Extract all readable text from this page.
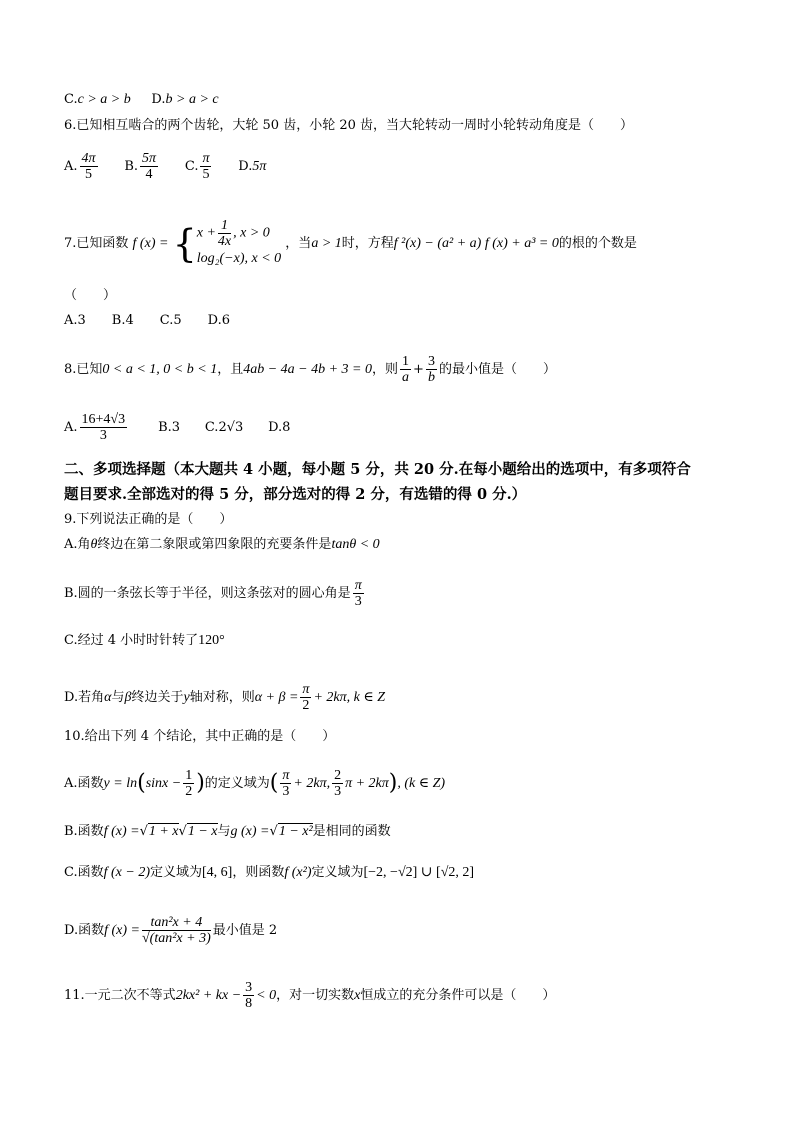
C.c > a > b D.b > a > c
6.已知相互啮合的两个齿轮，大轮 50 齿，小轮 20 齿，当大轮转动一周时小轮转动角度是（　　）
A. $\frac{4\pi}{5} B$. $\frac{5\pi}{4} C$. $\frac{\pi}{5} D.5\pi$
7.已知函数 f (x) = { $x + \frac{1}{4x}$ , x > 0
log₂(−x), x < 0
，当a > 1时，方程f ²(x) − (a² + a) f (x) + a³ = 0的根的个数是
（　　）
A.3　　B.4　　C.5　　D.6
8.已知0 < a < 1, 0 < b < 1，且4ab − 4a − 4b + 3 = 0，则 $\frac{1}{a} + \frac{3}{b}$ 的最小值是（　　）
A. $\frac{16+4√3}{3} B.3$ C.2√3 D.8
二、多项选择题（本大题共 4 小题，每小题 5 分，共 20 分.在每小题给出的选项中，有多项符合
题目要求.全部选对的得 5 分，部分选对的得 2 分，有选错的得 0 分.）
9.下列说法正确的是（　　）
A.角θ终边在第二象限或第四象限的充要条件是tanθ < 0
B.圆的一条弦长等于半径，则这条弦对的圆心角是 $\frac{\pi}{3}$
C.经过 4 小时时针转了120°
D.若角α与β终边关于y轴对称，则$\alpha + \beta = \frac{\pi}{2} + 2k\pi$, k ∈ Z
10.给出下列 4 个结论，其中正确的是（　　）
A.函数$y = \ln(\sin x - \frac{1}{2}$ )的定义域为( $\frac{\pi}{3} + 2k\pi$, $\frac{2}{3}$ π + 2kπ), (k ∈ Z)
B.函数f (x) =√1 + x√1 − x与g (x) =√1 − x²是相同的函数
C.函数f (x − 2)定义域为[4, 6]，则函数f (x²)定义域为[−2, −√2] ∪ [√2, 2]
D.函数f $(x) = \frac{\text{tan²x + 4}}{\text{√(tan²x + 3)}}$ 最小值是 2
11.一元二次不等式2kx² + kx − $\frac{3}{8} < 0$，对一切实数x恒成立的充分条件可以是（　　）
